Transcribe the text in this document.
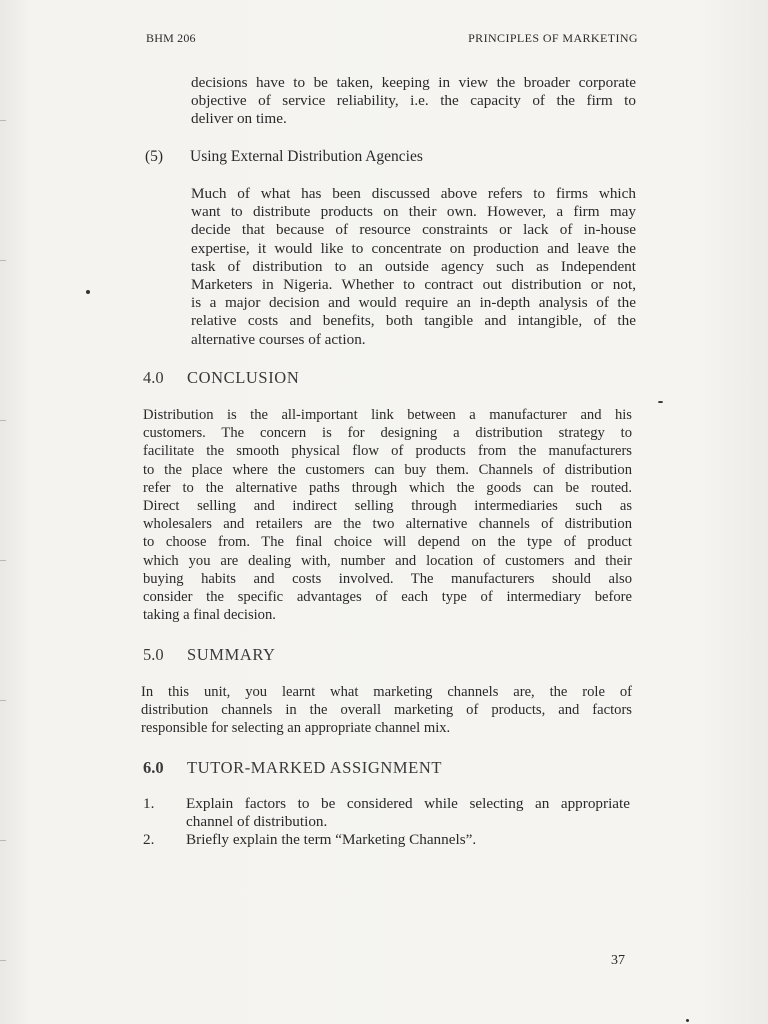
BHM 206	PRINCIPLES OF MARKETING
decisions have to be taken, keeping in view the broader corporate
objective of service reliability, i.e. the capacity of the firm to
deliver on time.
(5) Using External Distribution Agencies
Much of what has been discussed above refers to firms which
want to distribute products on their own. However, a firm may
decide that because of resource constraints or lack of in-house
expertise, it would like to concentrate on production and leave the
task of distribution to an outside agency such as Independent
Marketers in Nigeria. Whether to contract out distribution or not,
is a major decision and would require an in-depth analysis of the
relative costs and benefits, both tangible and intangible, of the
alternative courses of action.
4.0 CONCLUSION
Distribution is the all-important link between a manufacturer and his
customers. The concern is for designing a distribution strategy to
facilitate the smooth physical flow of products from the manufacturers
to the place where the customers can buy them. Channels of distribution
refer to the alternative paths through which the goods can be routed.
Direct selling and indirect selling through intermediaries such as
wholesalers and retailers are the two alternative channels of distribution
to choose from. The final choice will depend on the type of product
which you are dealing with, number and location of customers and their
buying habits and costs involved. The manufacturers should also
consider the specific advantages of each type of intermediary before
taking a final decision.
5.0 SUMMARY
In this unit, you learnt what marketing channels are, the role of
distribution channels in the overall marketing of products, and factors
responsible for selecting an appropriate channel mix.
6.0 TUTOR-MARKED ASSIGNMENT
1. Explain factors to be considered while selecting an appropriate
channel of distribution.
2. Briefly explain the term “Marketing Channels”.
37
